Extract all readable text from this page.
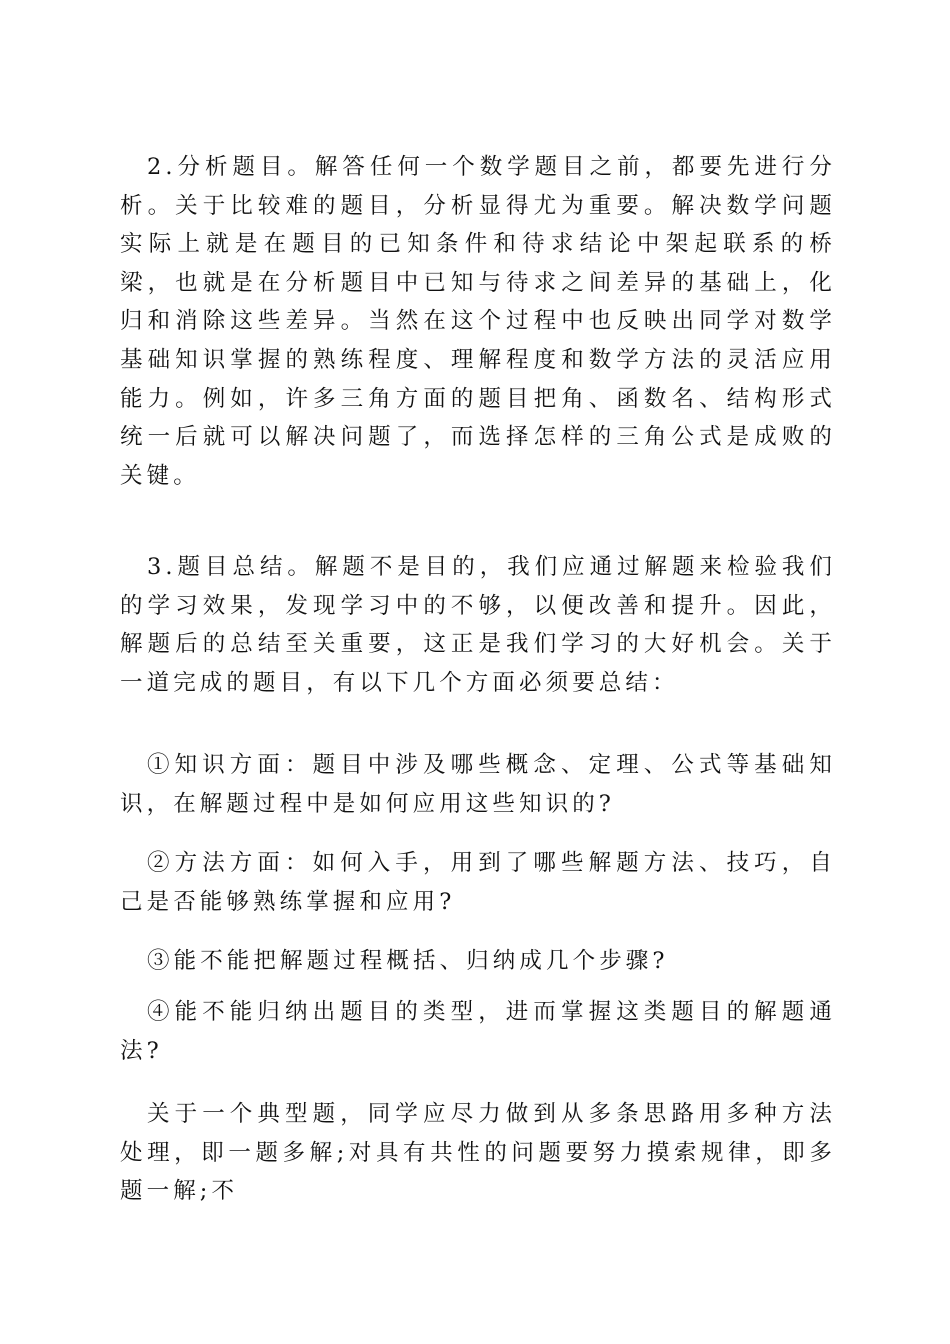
2.分析题目。解答任何一个数学题目之前，都要先进行分析。关于比较难的题目，分析显得尤为重要。解决数学问题实际上就是在题目的已知条件和待求结论中架起联系的桥梁，也就是在分析题目中已知与待求之间差异的基础上，化归和消除这些差异。当然在这个过程中也反映出同学对数学基础知识掌握的熟练程度、理解程度和数学方法的灵活应用能力。例如，许多三角方面的题目把角、函数名、结构形式统一后就可以解决问题了，而选择怎样的三角公式是成败的关键。

3.题目总结。解题不是目的，我们应通过解题来检验我们的学习效果，发现学习中的不够，以便改善和提升。因此，解题后的总结至关重要，这正是我们学习的大好机会。关于一道完成的题目，有以下几个方面必须要总结：

①知识方面：题目中涉及哪些概念、定理、公式等基础知识，在解题过程中是如何应用这些知识的?

②方法方面：如何入手，用到了哪些解题方法、技巧，自己是否能够熟练掌握和应用?

③能不能把解题过程概括、归纳成几个步骤?

④能不能归纳出题目的类型，进而掌握这类题目的解题通法?

关于一个典型题，同学应尽力做到从多条思路用多种方法处理，即一题多解;对具有共性的问题要努力摸索规律，即多题一解;不
